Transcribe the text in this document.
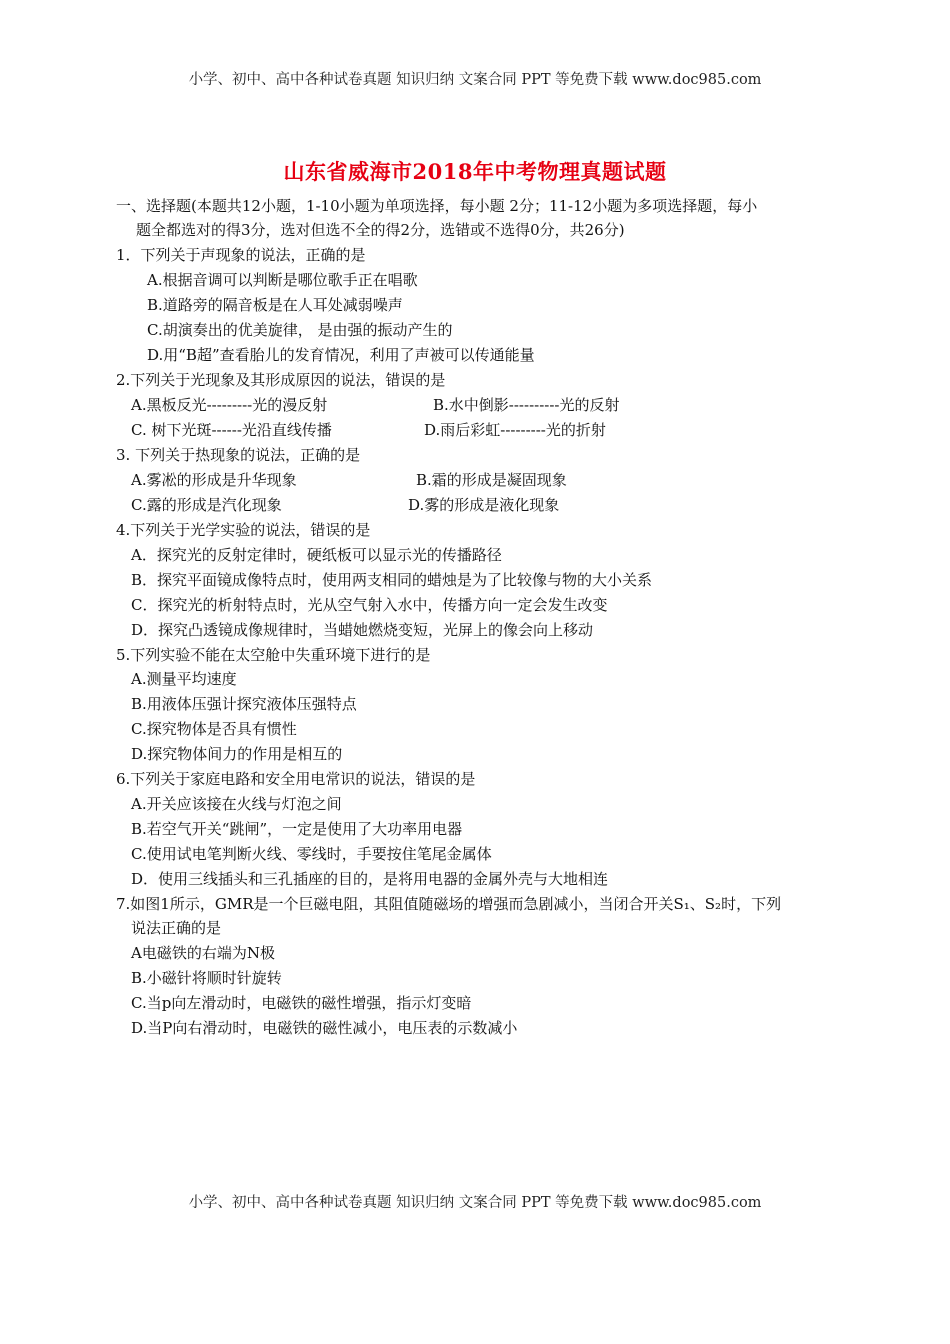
小学、初中、高中各种试卷真题 知识归纳 文案合同 PPT 等免费下载 www.doc985.com
山东省威海市2018年中考物理真题试题
一、选择题(本题共12小题，1-10小题为单项选择，每小题 2分；11-12小题为多项选择题，每小
题全都选对的得3分，选对但选不全的得2分，选错或不选得0分，共26分)
1．下列关于声现象的说法，正确的是
A.根据音调可以判断是哪位歌手正在唱歌
B.道路旁的隔音板是在人耳处减弱噪声
C.胡演奏出的优美旋律， 是由强的振动产生的
D.用“B超”查看胎儿的发育情况，利用了声被可以传通能量
2.下列关于光现象及其形成原因的说法，错误的是
A.黑板反光---------光的漫反射	B.水中倒影----------光的反射
C. 树下光斑------光沿直线传播	D.雨后彩虹---------光的折射
3. 下列关于热现象的说法，正确的是
A.雾凇的形成是升华现象	B.霜的形成是凝固现象
C.露的形成是汽化现象	D.雾的形成是液化现象
4.下列关于光学实验的说法，错误的是
A．探究光的反射定律时，硬纸板可以显示光的传播路径
B．探究平面镜成像特点时，使用两支相同的蜡烛是为了比较像与物的大小关系
C．探究光的析射特点时，光从空气射入水中，传播方向一定会发生改变
D．探究凸透镜成像规律时，当蜡她燃烧变短，光屏上的像会向上移动
5.下列实验不能在太空舱中失重环境下进行的是
A.测量平均速度
B.用液体压强计探究液体压强特点
C.探究物体是否具有惯性
D.探究物体间力的作用是相互的
6.下列关于家庭电路和安全用电常识的说法，错误的是
A.开关应该接在火线与灯泡之间
B.若空气开关“跳闸”，一定是使用了大功率用电器
C.使用试电笔判断火线、零线时，手要按住笔尾金属体
D．使用三线插头和三孔插座的目的，是将用电器的金属外壳与大地相连
7.如图1所示，GMR是一个巨磁电阻，其阻值随磁场的增强而急剧减小，当闭合开关S₁、S₂时，下列
说法正确的是
A电磁铁的右端为N极
B.小磁针将顺时针旋转
C.当p向左滑动时，电磁铁的磁性增强，指示灯变暗
D.当P向右滑动时，电磁铁的磁性减小，电压表的示数减小
小学、初中、高中各种试卷真题 知识归纳 文案合同 PPT 等免费下载 www.doc985.com
